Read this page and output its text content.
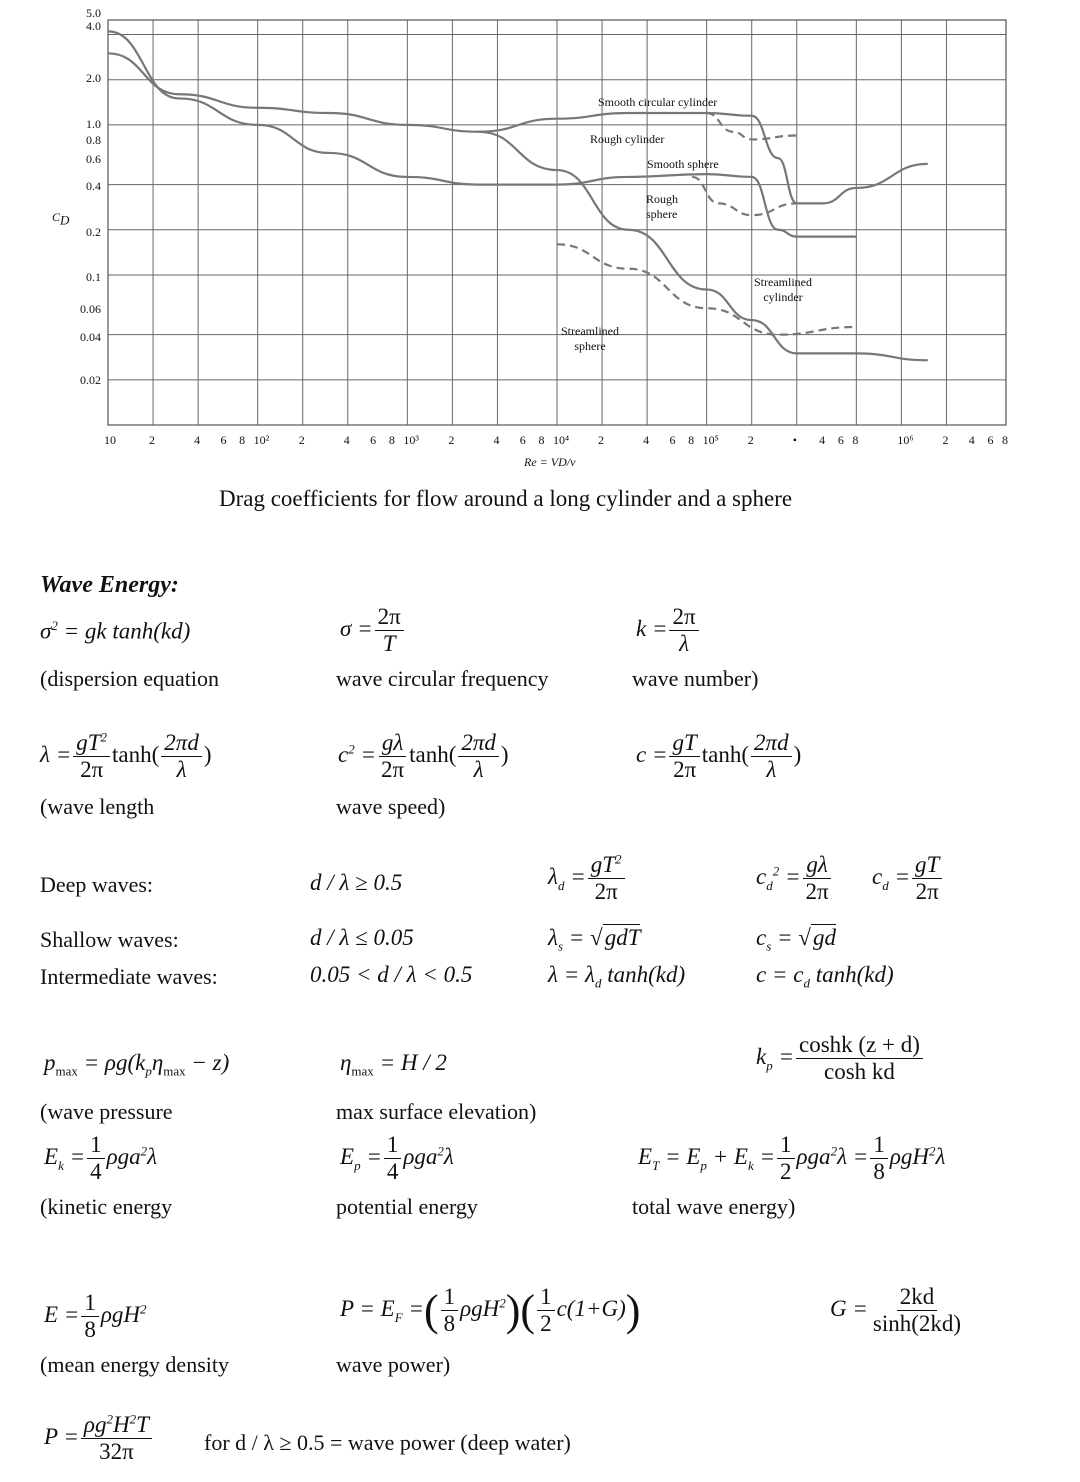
5.0
4.0
2.0
1.0
0.8
0.6
0.4
0.2
0.1
0.06
0.04
0.02
$C_D$
10	2	4 6 8 10² 2	4 6 8 10³ 2	4 6 8 10⁴ 2	4 6 8 10⁵ 2	• 4 6 8	10⁶ 2 4 6 8
Re = VD/ν
Smooth circular cylinder
Rough cylinder
Smooth sphere
Rough sphere
Streamlined cylinder
Streamlined sphere
Drag coefficients for flow around a long cylinder and a sphere
Wave Energy:
$\sigma^2$ = gk tanh(kd)	$\sigma = \frac{2\pi}{T}$	$k = \frac{2\pi}{\lambda}$
(dispersion equation	wave circular frequency	wave number)
$\lambda = \frac{gT^2}{2\pi} \tanh( \frac{2\pi d}{\lambda}$ )	$c^2 = \frac{g\lambda}{2\pi} \tanh( \frac{2\pi d}{\lambda}$ )	$c = \frac{gT}{2\pi} \tanh( \frac{2\pi d}{\lambda}$ )
(wave length	wave speed)
Deep waves:	d / λ ≥ 0.5	$\lambda_d = \frac{gT^2}{2\pi}$	$c_d^2 = \frac{g\lambda}{2\pi} c_d = \frac{gT}{2\pi}$
Shallow waves:	d / λ ≤ 0.05	$\lambda_s = √gdT$	$c_s = √gd$
Intermediate waves:	0.05 < d / λ < 0.5	$\lambda = \lambda_d$ tanh(kd)	$c = c_d$ tanh(kd)
$p_{max} = \rho g(k_p\eta_{max} - z)$	$\eta_{max} = H / 2$	$k_p = \frac{\cosh k (z + d)}{\text{cosh kd}}$
(wave pressure	max surface elevation)
$E_k = \frac{1}{4} \rho ga^2\lambda$	$E_p = \frac{1}{4} \rho ga^2\lambda$	$E_T = E_p + E_k = \frac{1}{2} \rho ga^2\lambda = \frac{1}{8} \rho gH^2\lambda$
(kinetic energy	potential energy	total wave energy)
$E = \frac{1}{8} \rho gH^2$	$P = E_F$ =( $\frac{1}{8} \rho gH^2)( \frac{1}{2} c(1+G))$	$G = \frac{2kd}{\sinh(2kd)}$
(mean energy density	wave power)
$P = \frac{\rho g^2H^2T}{32\pi}$ for d / λ ≥ 0.5 = wave power (deep water)
